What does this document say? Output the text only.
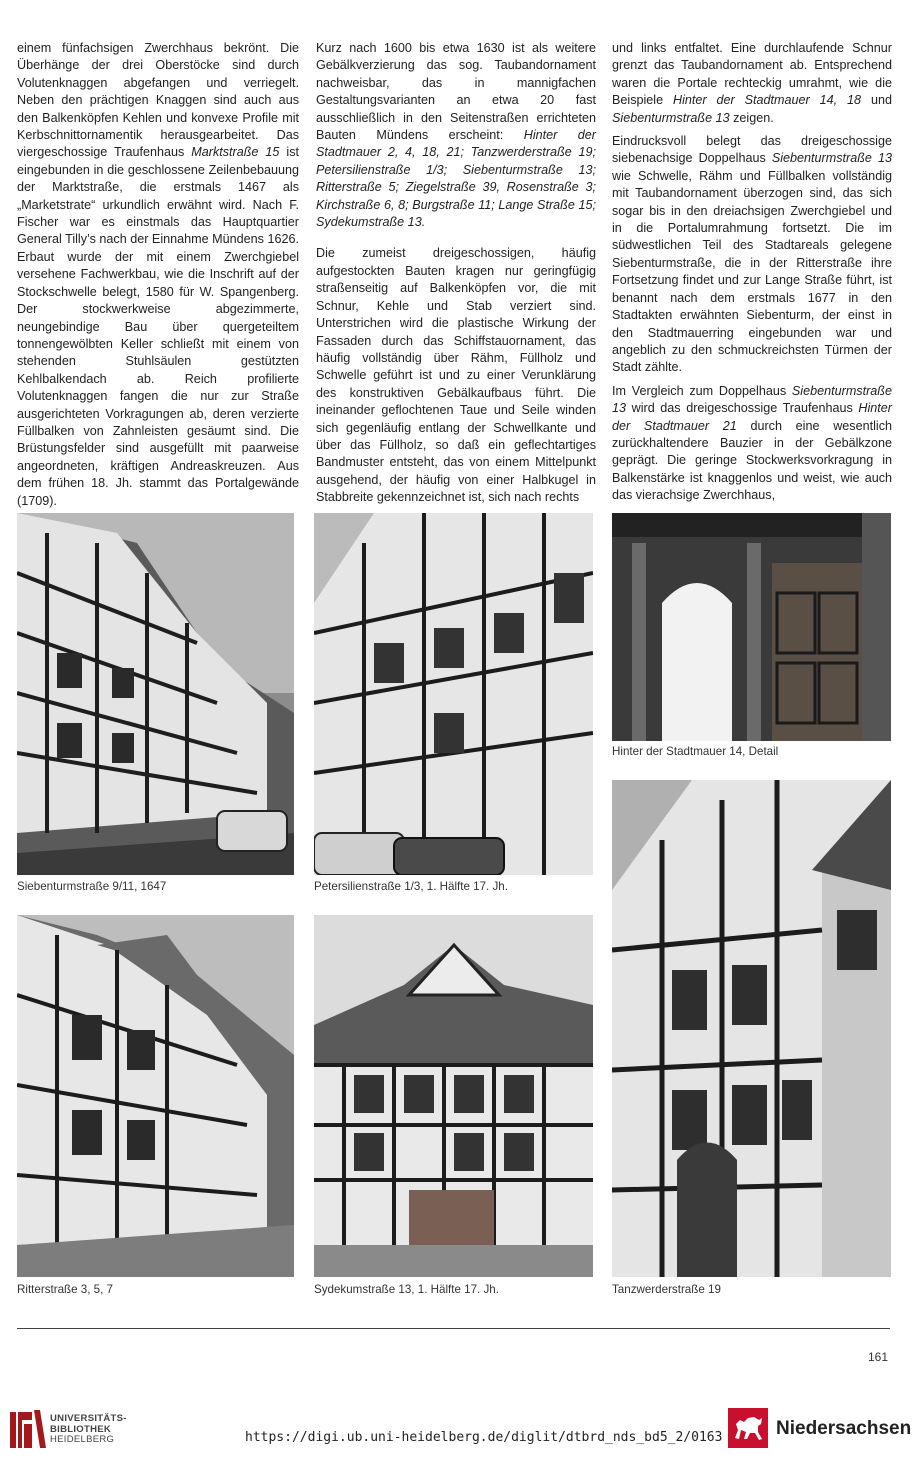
einem fünfachsigen Zwerchhaus bekrönt. Die Überhänge der drei Oberstöcke sind durch Volutenknaggen abgefangen und verriegelt. Neben den prächtigen Knaggen sind auch aus den Balkenköpfen Kehlen und konvexe Profile mit Kerbschnittornamentik herausgearbeitet. Das viergeschossige Traufenhaus Marktstraße 15 ist eingebunden in die geschlossene Zeilenbebauung der Marktstraße, die erstmals 1467 als „Marketstrate“ urkundlich erwähnt wird. Nach F. Fischer war es einstmals das Hauptquartier General Tilly’s nach der Einnahme Mündens 1626. Erbaut wurde der mit einem Zwerchgiebel versehene Fachwerkbau, wie die Inschrift auf der Stockschwelle belegt, 1580 für W. Spangenberg. Der stockwerkweise abgezimmerte, neungebindige Bau über quergeteiltem tonnengewölbten Keller schließt mit einem von stehenden Stuhlsäulen gestützten Kehlbalkendach ab. Reich profilierte Volutenknaggen fangen die nur zur Straße ausgerichteten Vorkragungen ab, deren verzierte Füllbalken von Zahnleisten gesäumt sind. Die Brüstungsfelder sind ausgefüllt mit paarweise angeordneten, kräftigen Andreaskreuzen. Aus dem frühen 18. Jh. stammt das Portalgewände (1709).

Kurz nach 1600 bis etwa 1630 ist als weitere Gebälkverzierung das sog. Taubandornament nachweisbar, das in mannigfachen Gestaltungsvarianten an etwa 20 fast ausschließlich in den Seitenstraßen errichteten Bauten Mündens erscheint: Hinter der Stadtmauer 2, 4, 18, 21; Tanzwerderstraße 19; Petersilienstraße 1/3; Siebenturmstraße 13; Ritterstraße 5; Ziegelstraße 39, Rosenstraße 3; Kirchstraße 6, 8; Burgstraße 11; Lange Straße 15; Sydekumstraße 13.

Die zumeist dreigeschossigen, häufig aufgestockten Bauten kragen nur geringfügig straßenseitig auf Balkenköpfen vor, die mit Schnur, Kehle und Stab verziert sind. Unterstrichen wird die plastische Wirkung der Fassaden durch das Schiffstauornament, das häufig vollständig über Rähm, Füllholz und Schwelle geführt ist und zu einer Verunklärung des konstruktiven Gebälkaufbaus führt. Die ineinander geflochtenen Taue und Seile winden sich gegenläufig entlang der Schwellkante und über das Füllholz, so daß ein geflechtartiges Bandmuster entsteht, das von einem Mittelpunkt ausgehend, der häufig von einer Halbkugel in Stabbreite gekennzeichnet ist, sich nach rechts

und links entfaltet. Eine durchlaufende Schnur grenzt das Taubandornament ab. Entsprechend waren die Portale rechteckig umrahmt, wie die Beispiele Hinter der Stadtmauer 14, 18 und Siebenturmstraße 13 zeigen.

Eindrucksvoll belegt das dreigeschossige siebenachsige Doppelhaus Siebenturmstraße 13 wie Schwelle, Rähm und Füllbalken vollständig mit Taubandornament überzogen sind, das sich sogar bis in den dreiachsigen Zwerchgiebel und in die Portalumrahmung fortsetzt. Die im südwestlichen Teil des Stadtareals gelegene Siebenturmstraße, die in der Ritterstraße ihre Fortsetzung findet und zur Lange Straße führt, ist benannt nach dem erstmals 1677 in den Stadtakten erwähnten Siebenturm, der einst in den Stadtmauerring eingebunden war und angeblich zu den schmuckreichsten Türmen der Stadt zählte.

Im Vergleich zum Doppelhaus Siebenturmstraße 13 wird das dreigeschossige Traufenhaus Hinter der Stadtmauer 21 durch eine wesentlich zurückhaltendere Bauzier in der Gebälkzone geprägt. Die geringe Stockwerksvorkragung in Balkenstärke ist knaggenlos und weist, wie auch das vierachsige Zwerchhaus,

Siebenturmstraße 9/11, 1647	Petersilienstraße 1/3, 1. Hälfte 17. Jh.
Hinter der Stadtmauer 14, Detail
Ritterstraße 3, 5, 7	Sydekumstraße 13, 1. Hälfte 17. Jh.	Tanzwerderstraße 19
161
UNIVERSITÄTS-
BIBLIOTHEK
HEIDELBERG	https://digi.ub.uni-heidelberg.de/diglit/dtbrd_nds_bd5_2/0163	Niedersachsen
